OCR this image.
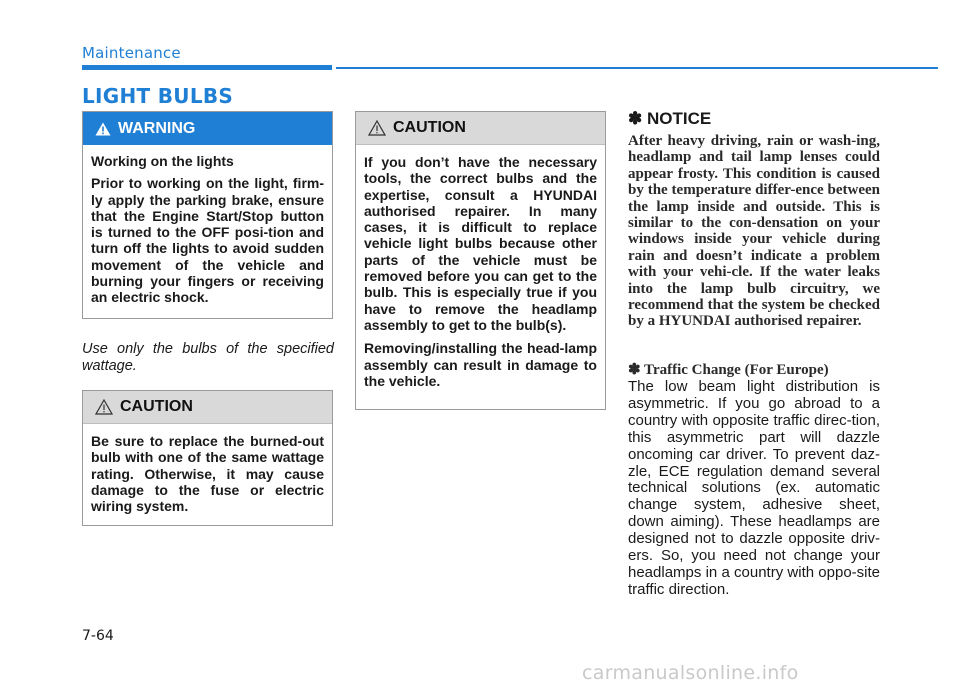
Maintenance
LIGHT BULBS
WARNING

Working on the lights

Prior to working on the light, firm-ly apply the parking brake, ensure that the Engine Start/Stop button is turned to the OFF posi-tion and turn off the lights to avoid sudden movement of the vehicle and burning your fingers or receiving an electric shock.

Use only the bulbs of the specified wattage.
CAUTION

Be sure to replace the burned-out bulb with one of the same wattage rating. Otherwise, it may cause damage to the fuse or electric wiring system.

CAUTION

If you don’t have the necessary tools, the correct bulbs and the expertise, consult a HYUNDAI authorised repairer. In many cases, it is difficult to replace vehicle light bulbs because other parts of the vehicle must be removed before you can get to the bulb. This is especially true if you have to remove the headlamp assembly to get to the bulb(s).

Removing/installing the head-lamp assembly can result in damage to the vehicle.

✽ NOTICE
After heavy driving, rain or wash-ing, headlamp and tail lamp lenses could appear frosty. This condition is caused by the temperature differ-ence between the lamp inside and outside. This is similar to the con-densation on your windows inside your vehicle during rain and doesn’t indicate a problem with your vehi-cle. If the water leaks into the lamp bulb circuitry, we recommend that the system be checked by a HYUNDAI authorised repairer.
✽ Traffic Change (For Europe)
The low beam light distribution is asymmetric. If you go abroad to a country with opposite traffic direc-tion, this asymmetric part will dazzle oncoming car driver. To prevent daz-zle, ECE regulation demand several technical solutions (ex. automatic change system, adhesive sheet, down aiming). These headlamps are designed not to dazzle opposite driv-ers. So, you need not change your headlamps in a country with oppo-site traffic direction.
7-64
carmanualsonline.info
